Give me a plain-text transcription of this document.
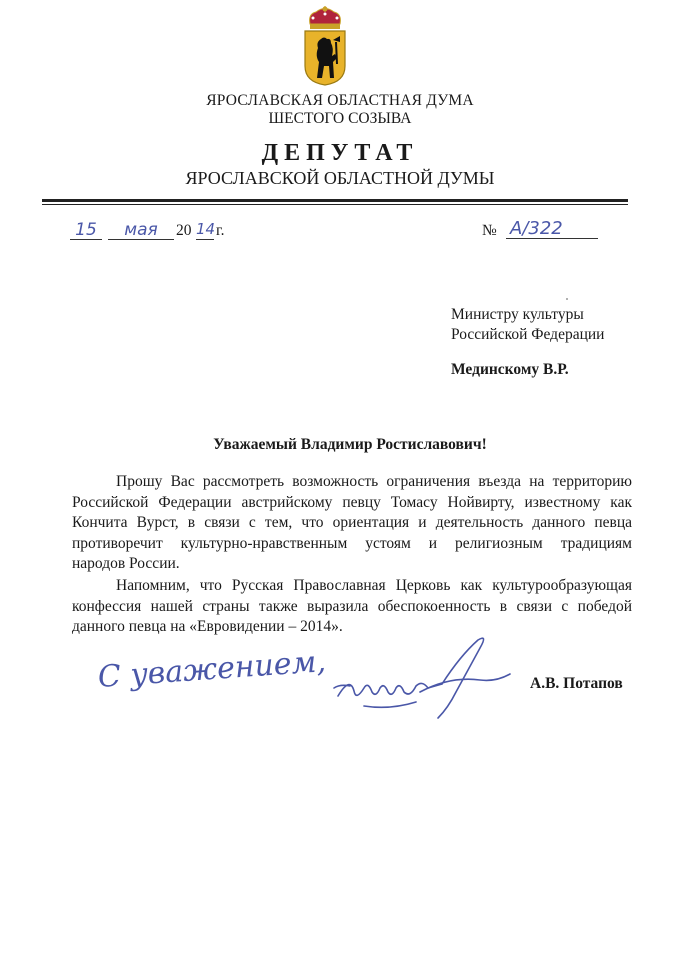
ЯРОСЛАВСКАЯ ОБЛАСТНАЯ ДУМА
ШЕСТОГО СОЗЫВА
ДЕПУТАТ
ЯРОСЛАВСКОЙ ОБЛАСТНОЙ ДУМЫ
15	мая	20 14 г.	№ А/322
Министру культуры
Российской Федерации
Мединскому В.Р.
Уважаемый Владимир Ростиславович!
Прошу Вас рассмотреть возможность ограничения въезда на территорию
Российской Федерации австрийскому певцу Томасу Нойвирту, известному как
Кончита Вурст, в связи с тем, что ориентация и деятельность данного певца
противоречит культурно-нравственным устоям и религиозным традициям
народов России.
Напомним, что Русская Православная Церковь как культурообразующая
конфессия нашей страны также выразила обеспокоенность в связи с победой
данного певца на «Евровидении – 2014».
С уважением,	А.В. Потапов
